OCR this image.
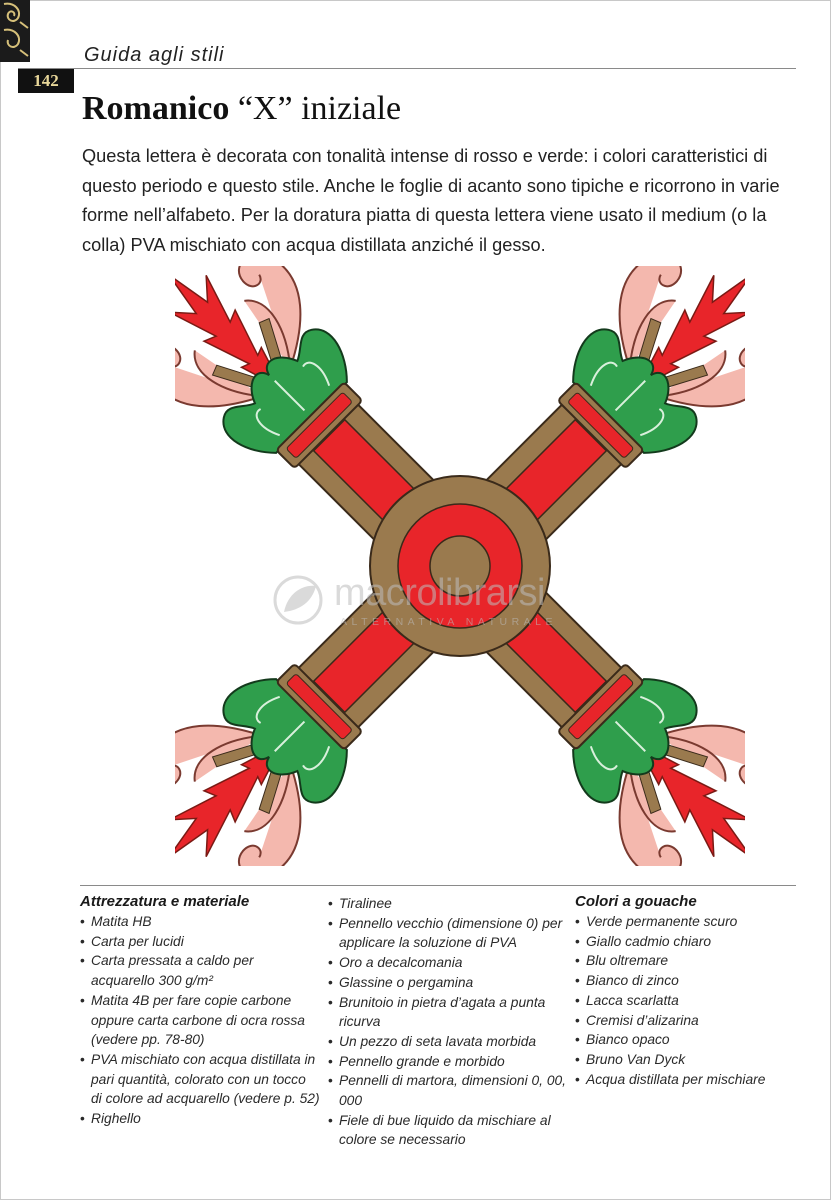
Guida agli stili
142
Romanico “X” iniziale

Questa lettera è decorata con tonalità intense di rosso e verde: i colori caratteristici di questo periodo e questo stile. Anche le foglie di acanto sono tipiche e ricorrono in varie forme nell’alfabeto. Per la doratura piatta di questa lettera viene usato il medium (o la colla) PVA mischiato con acqua distillata anziché il gesso.

macrolibrarsi
ALTERNATIVA NATURALE
Attrezzatura e materiale
• Matita HB
• Carta per lucidi
• Carta pressata a caldo per acquarello 300 g/m²
• Matita 4B per fare copie carbone oppure carta carbone di ocra rossa (vedere pp. 78-80)
• PVA mischiato con acqua distillata in pari quantità, colorato con un tocco di colore ad acquarello (vedere p. 52)
• Righello
• Tiralinee
• Pennello vecchio (dimensione 0) per applicare la soluzione di PVA
• Oro a decalcomania
• Glassine o pergamina
• Brunitoio in pietra d’agata a punta ricurva
• Un pezzo di seta lavata morbida
• Pennello grande e morbido
• Pennelli di martora, dimensioni 0, 00, 000
• Fiele di bue liquido da mischiare al colore se necessario
Colori a gouache
• Verde permanente scuro
• Giallo cadmio chiaro
• Blu oltremare
• Bianco di zinco
• Lacca scarlatta
• Cremisi d’alizarina
• Bianco opaco
• Bruno Van Dyck
• Acqua distillata per mischiare
